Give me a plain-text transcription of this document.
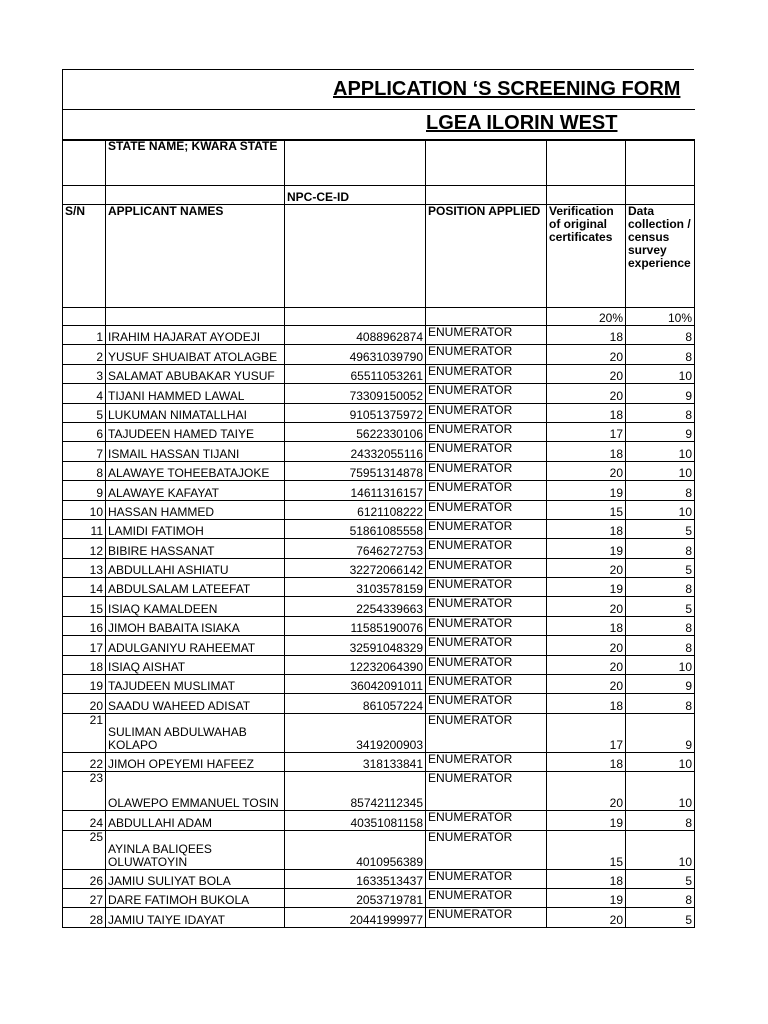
APPLICATION ‘S SCREENING FORM
LGEA ILORIN WEST
	STATE NAME; KWARA STATE				
		NPC-CE-ID			
S/N	APPLICANT NAMES		POSITION APPLIED	Verification of original certificates	Data collection / census survey experience
				20%	10%
1	IRAHIM HAJARAT AYODEJI	4088962874	ENUMERATOR	18	8
2	YUSUF SHUAIBAT ATOLAGBE	49631039790	ENUMERATOR	20	8
3	SALAMAT ABUBAKAR YUSUF	65511053261	ENUMERATOR	20	10
4	TIJANI HAMMED LAWAL	73309150052	ENUMERATOR	20	9
5	LUKUMAN NIMATALLHAI	91051375972	ENUMERATOR	18	8
6	TAJUDEEN HAMED TAIYE	5622330106	ENUMERATOR	17	9
7	ISMAIL HASSAN TIJANI	24332055116	ENUMERATOR	18	10
8	ALAWAYE TOHEEBATAJOKE	75951314878	ENUMERATOR	20	10
9	ALAWAYE KAFAYAT	14611316157	ENUMERATOR	19	8
10	HASSAN HAMMED	6121108222	ENUMERATOR	15	10
11	LAMIDI FATIMOH	51861085558	ENUMERATOR	18	5
12	BIBIRE HASSANAT	7646272753	ENUMERATOR	19	8
13	ABDULLAHI ASHIATU	32272066142	ENUMERATOR	20	5
14	ABDULSALAM LATEEFAT	3103578159	ENUMERATOR	19	8
15	ISIAQ KAMALDEEN	2254339663	ENUMERATOR	20	5
16	JIMOH BABAITA ISIAKA	11585190076	ENUMERATOR	18	8
17	ADULGANIYU RAHEEMAT	32591048329	ENUMERATOR	20	8
18	ISIAQ AISHAT	12232064390	ENUMERATOR	20	10
19	TAJUDEEN MUSLIMAT	36042091011	ENUMERATOR	20	9
20	SAADU WAHEED ADISAT	861057224	ENUMERATOR	18	8
21	SULIMAN ABDULWAHAB KOLAPO	3419200903	ENUMERATOR	17	9
22	JIMOH OPEYEMI HAFEEZ	318133841	ENUMERATOR	18	10
23	OLAWEPO EMMANUEL TOSIN	85742112345	ENUMERATOR	20	10
24	ABDULLAHI ADAM	40351081158	ENUMERATOR	19	8
25	AYINLA BALIQEES OLUWATOYIN	4010956389	ENUMERATOR	15	10
26	JAMIU SULIYAT BOLA	1633513437	ENUMERATOR	18	5
27	DARE FATIMOH BUKOLA	2053719781	ENUMERATOR	19	8
28	JAMIU TAIYE IDAYAT	20441999977	ENUMERATOR	20	5
